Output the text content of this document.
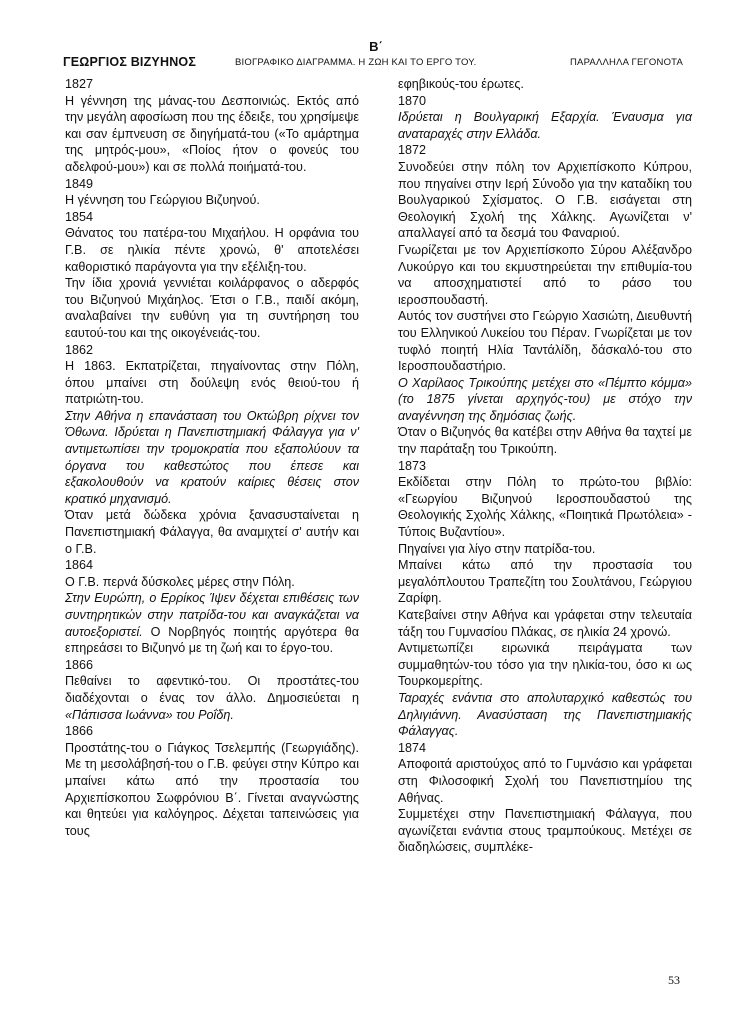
Β΄
ΓΕΩΡΓΙΟΣ ΒΙΖΥΗΝΟΣ	ΒΙΟΓΡΑΦΙΚΟ ΔΙΑΓΡΑΜΜΑ. Η ΖΩΗ ΚΑΙ ΤΟ ΕΡΓΟ ΤΟΥ.	ΠΑΡΑΛΛΗΛΑ ΓΕΓΟΝΟΤΑ

1827

Η γέννηση της μάνας-του Δεσποινιώς. Εκτός από την μεγάλη αφοσίωση που της έδειξε, του χρησίμεψε και σαν έμπνευση σε διηγήματά-του («Το αμάρτημα της μητρός-μου», «Ποίος ήτον ο φονεύς του αδελφού-μου») και σε πολλά ποιήματά-του.

1849

Η γέννηση του Γεώργιου Βιζυηνού.

1854

Θάνατος του πατέρα-του Μιχαήλου. Η ορφάνια του Γ.Β. σε ηλικία πέντε χρονώ, θ' αποτελέσει καθοριστικό παράγοντα για την εξέλιξη-του.

Την ίδια χρονιά γεννιέται κοιλάρφανος ο αδερφός του Βιζυηνού Μιχάηλος. Έτσι ο Γ.Β., παιδί ακόμη, αναλαβαίνει την ευθύνη για τη συντήρηση του εαυτού-του και της οικογένειάς-του.

1862

Η 1863. Εκπατρίζεται, πηγαίνοντας στην Πόλη, όπου μπαίνει στη δούλεψη ενός θειού-του ή πατριώτη-του.

Στην Αθήνα η επανάσταση του Οκτώβρη ρίχνει τον Όθωνα. Ιδρύεται η Πανεπιστημιακή Φάλαγγα για ν' αντιμετωπίσει την τρομοκρατία που εξαπολύουν τα όργανα του καθεστώτος που έπεσε και εξακολουθούν να κρατούν καίριες θέσεις στον κρατικό μηχανισμό.

Όταν μετά δώδεκα χρόνια ξανασυσταίνεται η Πανεπιστημιακή Φάλαγγα, θα αναμιχτεί σ' αυτήν και ο Γ.Β.

1864

Ο Γ.Β. περνά δύσκολες μέρες στην Πόλη.

Στην Ευρώπη, ο Ερρίκος Ίψεν δέχεται επιθέσεις των συντηρητικών στην πατρίδα-του και αναγκάζεται να αυτοεξοριστεί. Ο Νορβηγός ποιητής αργότερα θα επηρεάσει το Βιζυηνό με τη ζωή και το έργο-του.

1866

Πεθαίνει το αφεντικό-του. Οι προστάτες-του διαδέχονται ο ένας τον άλλο. Δημοσιεύεται η «Πάπισσα Ιωάννα» του Ροΐδη.

1866

Προστάτης-του ο Γιάγκος Τσελεμπής (Γεωργιάδης). Με τη μεσολάβησή-του ο Γ.Β. φεύγει στην Κύπρο και μπαίνει κάτω από την προστασία του Αρχιεπίσκοπου Σωφρόνιου Β΄. Γίνεται αναγνώστης και θητεύει για καλόγηρος. Δέχεται ταπεινώσεις για τους

εφηβικούς-του έρωτες.

1870

Ιδρύεται η Βουλγαρική Εξαρχία. Έναυσμα για αναταραχές στην Ελλάδα.

1872

Συνοδεύει στην πόλη τον Αρχιεπίσκοπο Κύπρου, που πηγαίνει στην Ιερή Σύνοδο για την καταδίκη του Βουλγαρικού Σχίσματος. Ο Γ.Β. εισάγεται στη Θεολογική Σχολή της Χάλκης. Αγωνίζεται ν' απαλλαγεί από τα δεσμά του Φαναριού.

Γνωρίζεται με τον Αρχιεπίσκοπο Σύρου Αλέξανδρο Λυκούργο και του εκμυστηρεύεται την επιθυμία-του να αποσχηματιστεί από το ράσο του ιεροσπουδαστή.

Αυτός τον συστήνει στο Γεώργιο Χασιώτη, Διευθυντή του Ελληνικού Λυκείου του Πέραν. Γνωρίζεται με τον τυφλό ποιητή Ηλία Ταντάλίδη, δάσκαλό-του στο Ιεροσπουδαστήριο.

Ο Χαρίλαος Τρικούπης μετέχει στο «Πέμπτο κόμμα» (το 1875 γίνεται αρχηγός-του) με στόχο την αναγέννηση της δημόσιας ζωής.

Όταν ο Βιζυηνός θα κατέβει στην Αθήνα θα ταχτεί με την παράταξη του Τρικούπη.

1873

Εκδίδεται στην Πόλη το πρώτο-του βιβλίο: «Γεωργίου Βιζυηνού Ιεροσπουδαστού της Θεολογικής Σχολής Χάλκης, «Ποιητικά Πρωτόλεια» - Τύποις Βυζαντίου».

Πηγαίνει για λίγο στην πατρίδα-του.

Μπαίνει κάτω από την προστασία του μεγαλόπλουτου Τραπεζίτη του Σουλτάνου, Γεώργιου Ζαρίφη.

Κατεβαίνει στην Αθήνα και γράφεται στην τελευταία τάξη του Γυμνασίου Πλάκας, σε ηλικία 24 χρονώ.

Αντιμετωπίζει ειρωνικά πειράγματα των συμμαθητών-του τόσο για την ηλικία-του, όσο κι ως Τουρκομερίτης.

Ταραχές ενάντια στο απολυταρχικό καθεστώς του Δηλιγιάννη. Ανασύσταση της Πανεπιστημιακής Φάλαγγας.

1874

Αποφοιτά αριστούχος από το Γυμνάσιο και γράφεται στη Φιλοσοφική Σχολή του Πανεπιστημίου της Αθήνας.

Συμμετέχει στην Πανεπιστημιακή Φάλαγγα, που αγωνίζεται ενάντια στους τραμπούκους. Μετέχει σε διαδηλώσεις, συμπλέκε-

53
